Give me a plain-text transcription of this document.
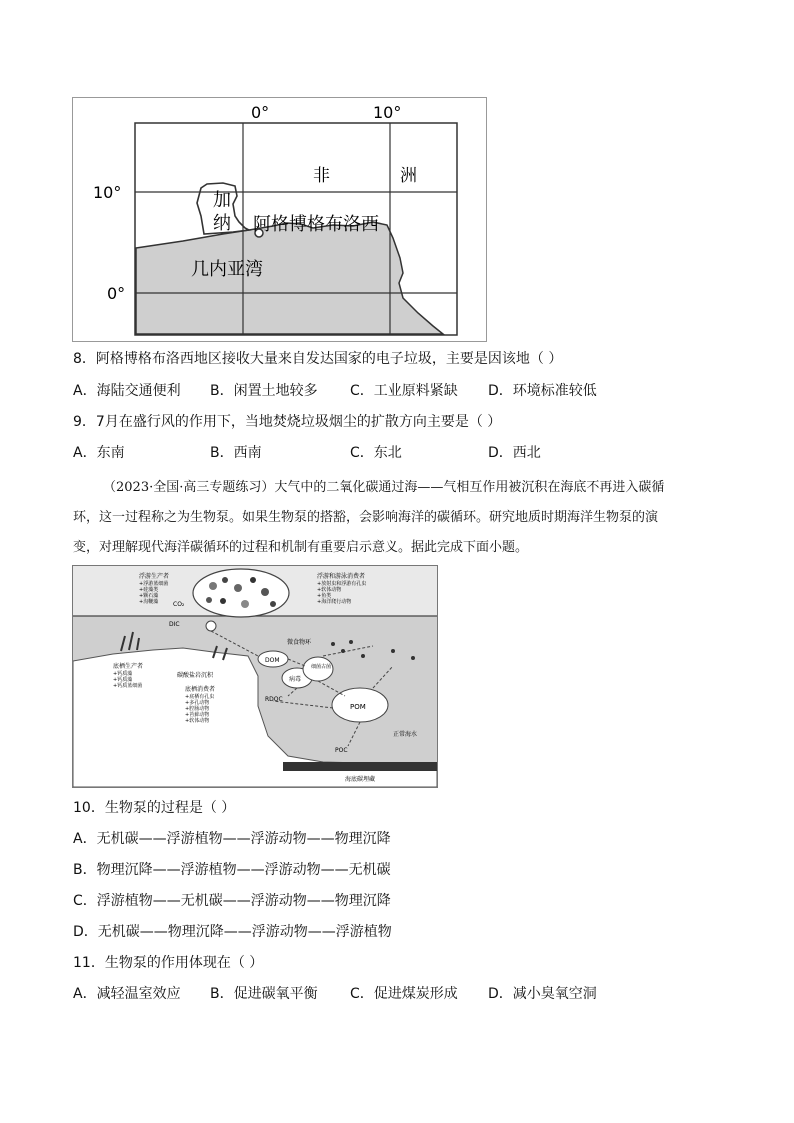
0°	10°
10°
0°
非	洲
加
纳 阿格博格布洛西
几内亚湾
8．阿格博格布洛西地区接收大量来自发达国家的电子垃圾，主要是因该地（ ）
A．海陆交通便利 B．闲置土地较多 C．工业原料紧缺 D．环境标准较低
9．7月在盛行风的作用下，当地焚烧垃圾烟尘的扩散方向主要是（ ）
A．东南	B．西南	C．东北	D．西北
（2023·全国·高三专题练习）大气中的二氧化碳通过海——气相互作用被沉积在海底不再进入碳循
环，这一过程称之为生物泵。如果生物泵的搭豁，会影响海洋的碳循环。研究地质时期海洋生物泵的演
变，对理解现代海洋碳循环的过程和机制有重要启示意义。据此完成下面小题。
浮游生产者
+浮游蓝细菌
+硅藻类
+颗石藻
+沟鞭藻 CO₂
DIC
浮游和游泳消费者
+放射虫和浮游有孔虫
+软体动物
+鱼类
+海洋爬行动物
底栖生产者
+钙质藻
+钙质藻
+钙质蓝细菌
碳酸盐岩沉积
底栖消费者
+底栖有孔虫
+多孔动物
+腔肠动物
+苔藓动物
+软体动物
微食物环
DOM
病毒
细菌古菌
POM
RDOC
POC
正常海水
海底碳埋藏
10．生物泵的过程是（ ）
A．无机碳——浮游植物——浮游动物——物理沉降
B．物理沉降——浮游植物——浮游动物——无机碳
C．浮游植物——无机碳——浮游动物——物理沉降
D．无机碳——物理沉降——浮游动物——浮游植物
11．生物泵的作用体现在（ ）
A．减轻温室效应 B．促进碳氧平衡 C．促进煤炭形成 D．减小臭氧空洞
